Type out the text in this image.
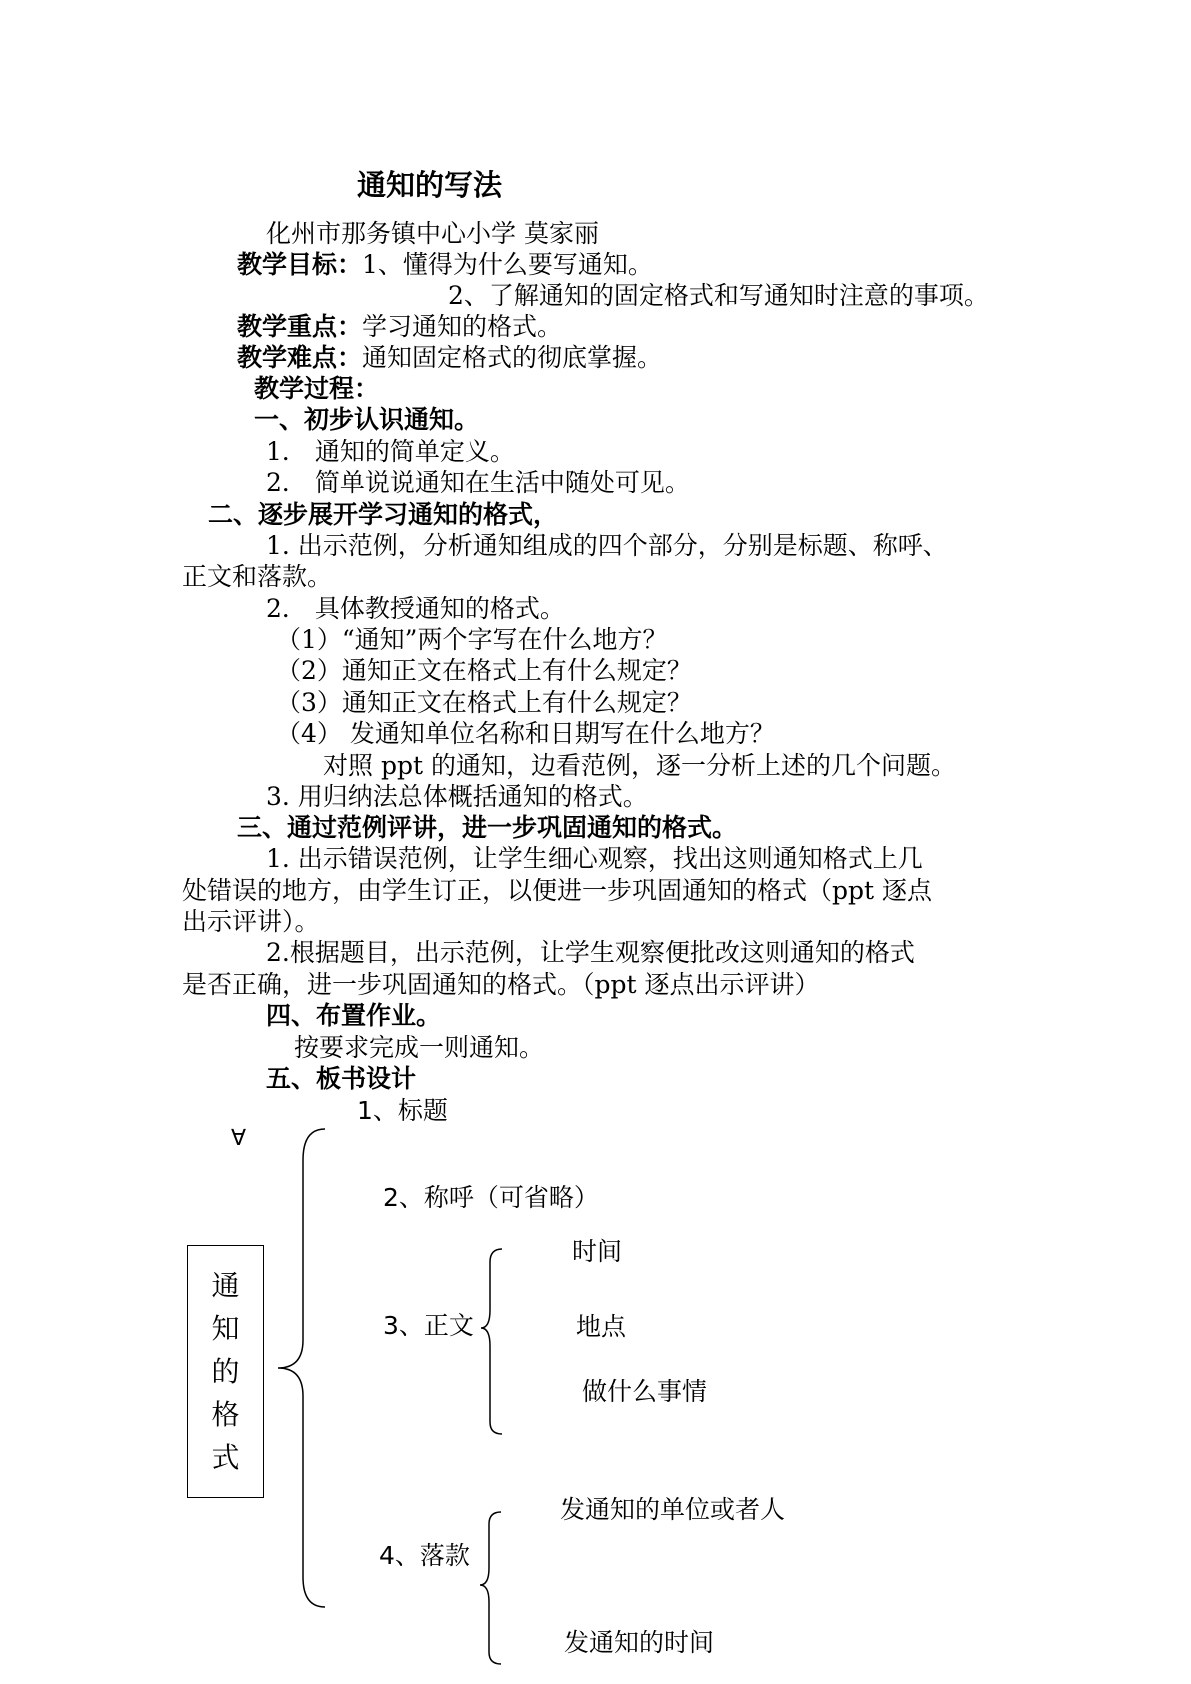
通知的写法
化州市那务镇中心小学 莫家丽
教学目标：1、懂得为什么要写通知。
2、了解通知的固定格式和写通知时注意的事项。
教学重点：学习通知的格式。
教学难点：通知固定格式的彻底掌握。
教学过程：
一、初步认识通知。
1． 通知的简单定义。
2． 简单说说通知在生活中随处可见。
二、逐步展开学习通知的格式，
1. 出示范例，分析通知组成的四个部分，分别是标题、称呼、
正文和落款。
2． 具体教授通知的格式。
（1）“通知”两个字写在什么地方？
（2）通知正文在格式上有什么规定？
（3）通知正文在格式上有什么规定？
（4） 发通知单位名称和日期写在什么地方？
对照 ppt 的通知，边看范例，逐一分析上述的几个问题。
3. 用归纳法总体概括通知的格式。
三、通过范例评讲，进一步巩固通知的格式。
1. 出示错误范例，让学生细心观察，找出这则通知格式上几
处错误的地方，由学生订正，以便进一步巩固通知的格式（ppt 逐点
出示评讲）。
2.根据题目，出示范例，让学生观察便批改这则通知的格式
是否正确，进一步巩固通知的格式。（ppt 逐点出示评讲）
四、布置作业。
按要求完成一则通知。
五、板书设计
1、标题
∀
通
知
的
格
式
2、称呼（可省略）
3、正文
时间
地点
做什么事情
4、落款
发通知的单位或者人
发通知的时间
